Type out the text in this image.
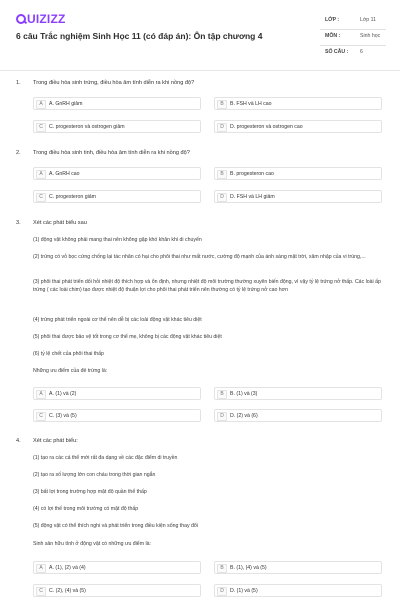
UIZIZZ
6 câu Trắc nghiệm Sinh Học 11 (có đáp án): Ôn tập chương 4
LỚP :	Lớp 11
MÔN :	Sinh học
SỐ CÂU : 6
1. Trong điều hòa sinh trứng, điều hòa âm tính diễn ra khi nồng độ?
A	A. GnRH giảm	B	B. FSH và LH cao
C	C. progesteron và ostrogen giảm	D	D. progesteron và ostrogen cao
2. Trong điều hòa sinh tinh, điều hòa âm tính diễn ra khi nồng độ?
A	A. GnRH cao	B	B. progesteron cao
C	C. progesteron giảm	D	D. FSH và LH giảm
3. Xét các phát biểu sau
(1) động vật không phải mang thai nên không gặp khó khăn khi di chuyển
(2) trứng có vỏ bọc cứng chống lại tác nhân có hại cho phôi thai như mất nước, cường độ mạnh của ánh sáng mặt trời, xâm nhập của vi trùng,...
(3) phôi thai phát triển dối hỏi nhiệt độ thích hợp và ổn định, nhưng nhiệt độ môi trường thường xuyên biến động, vì vậy tỷ lệ trứng nở thấp. Các loài ấp trứng ( các loài chim) tạo được nhiệt độ thuận lợi cho phôi thai phát triển nên thường có tỷ lệ trứng nở cao hơn
(4) trứng phát triển ngoài cơ thể nên dễ bị các loài động vật khác tiêu diệt
(5) phôi thai được bảo vệ tốt trong cơ thể mẹ, không bị các động vật khác tiêu diệt
(6) tỷ lệ chết của phôi thai thấp
Những ưu điểm của đẻ trứng là:
A	A. (1) và (2)	B	B. (1) và (3)
C	C. (3) và (5)	D	D. (2) và (6)
4. Xét các phát biểu:
(1) tạo ra các cá thể mới rất đa dạng về các đặc điểm di truyền
(2) tạo ra số lượng lớn con cháu trong thời gian ngắn
(3) bất lợi trong trường hợp mật độ quần thể thấp
(4) có lợi thế trong môi trường có mật độ thấp
(5) động vật có thể thích nghi và phát triển trong điều kiện sống thay đổi
Sinh sản hữu tính ở động vật có những ưu điểm là:
A	A. (1), (2) và (4)	B	B. (1), (4) và (5)
C	C. (2), (4) và (5)	D	D. (1) và (5)
